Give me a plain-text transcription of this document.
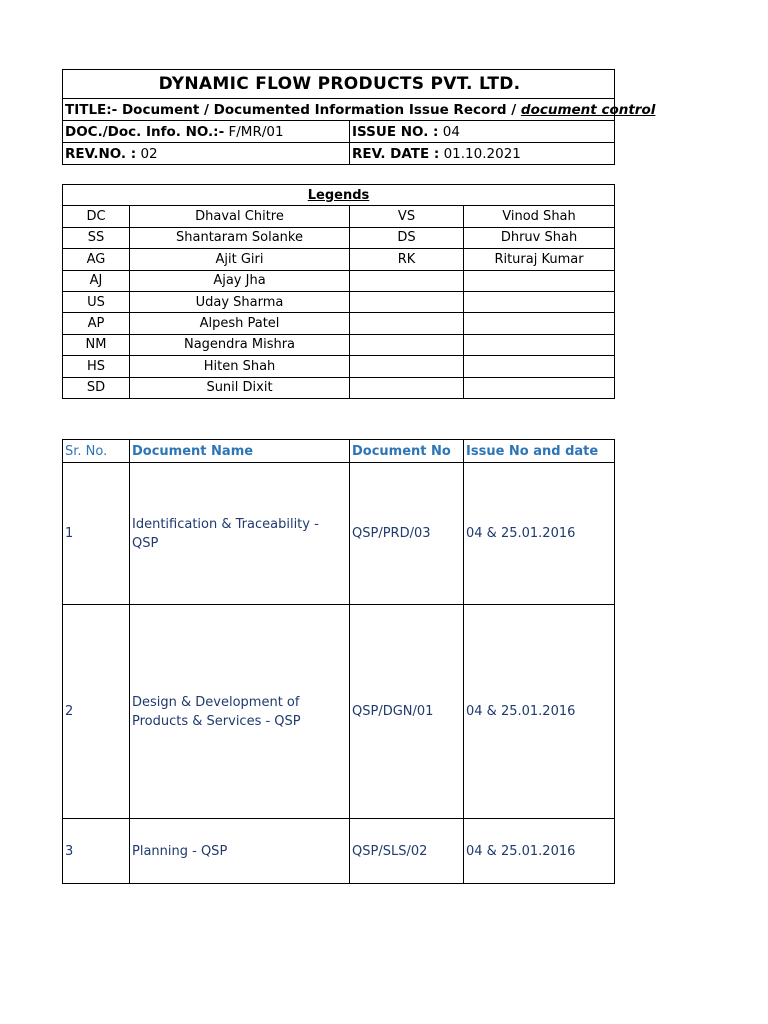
DYNAMIC FLOW PRODUCTS PVT. LTD.	
TITLE:- Document / Documented Information Issue Record / document control	
DOC./Doc. Info. NO.:- F/MR/01	ISSUE NO. : 04
REV.NO. : 02	REV. DATE : 01.10.2021
Legends			
DC	Dhaval Chitre	VS	Vinod Shah
SS	Shantaram Solanke	DS	Dhruv Shah
AG	Ajit Giri	RK	Rituraj Kumar
AJ	Ajay Jha		
US	Uday Sharma		
AP	Alpesh Patel		
NM	Nagendra Mishra		
HS	Hiten Shah		
SD	Sunil Dixit		
Sr. No.	Document Name	Document No	Issue No and date
1	Identification & Traceability - QSP	QSP/PRD/03	04 & 25.01.2016
2	Design & Development of Products & Services - QSP	QSP/DGN/01	04 & 25.01.2016
3	Planning - QSP	QSP/SLS/02	04 & 25.01.2016
